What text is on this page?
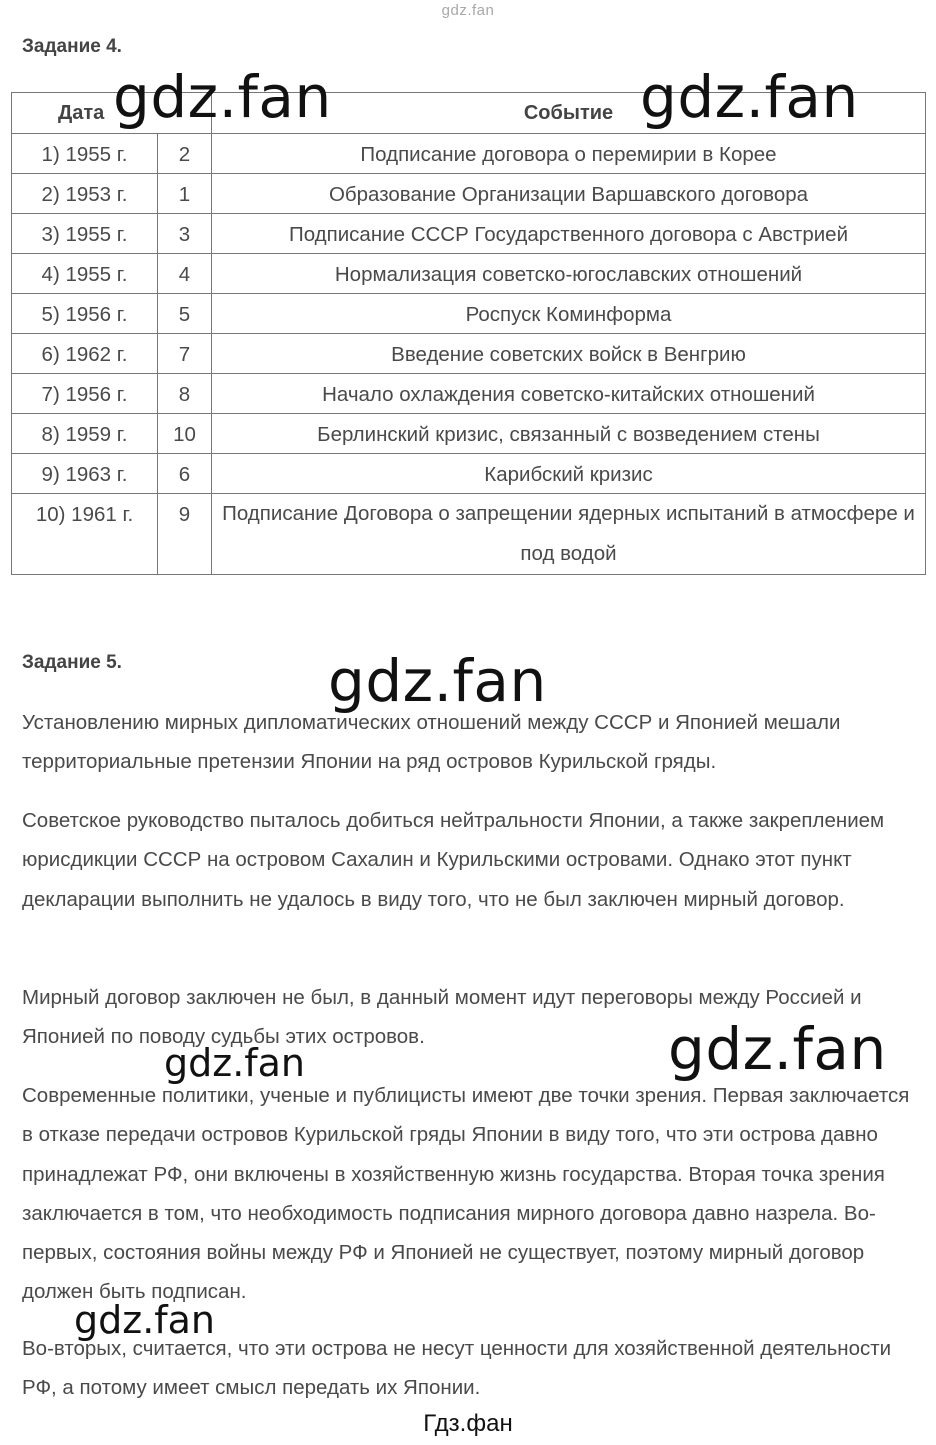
gdz.fan
Задание 4.
Дата		Событие
1) 1955 г.	2	Подписание договора о перемирии в Корее
2) 1953 г.	1	Образование Организации Варшавского договора
3) 1955 г.	3	Подписание СССР Государственного договора с Австрией
4) 1955 г.	4	Нормализация советско-югославских отношений
5) 1956 г.	5	Роспуск Коминформа
6) 1962 г.	7	Введение советских войск в Венгрию
7) 1956 г.	8	Начало охлаждения советско-китайских отношений
8) 1959 г.	10	Берлинский кризис, связанный с возведением стены
9) 1963 г.	6	Карибский кризис
10) 1961 г.	9	Подписание Договора о запрещении ядерных испытаний в атмосфере и под водой
Задание 5.
Установлению мирных дипломатических отношений между СССР и Японией мешали территориальные претензии Японии на ряд островов Курильской гряды.
Советское руководство пыталось добиться нейтральности Японии, а также закреплением юрисдикции СССР на островом Сахалин и Курильскими островами. Однако этот пункт декларации выполнить не удалось в виду того, что не был заключен мирный договор.
Мирный договор заключен не был, в данный момент идут переговоры между Россией и Японией по поводу судьбы этих островов.
Современные политики, ученые и публицисты имеют две точки зрения. Первая заключается в отказе передачи островов Курильской гряды Японии в виду того, что эти острова давно принадлежат РФ, они включены в хозяйственную жизнь государства. Вторая точка зрения заключается в том, что необходимость подписания мирного договора давно назрела. Во-первых, состояния войны между РФ и Японией не существует, поэтому мирный договор должен быть подписан.
Во-вторых, считается, что эти острова не несут ценности для хозяйственной деятельности РФ, а потому имеет смысл передать их Японии.
gdz.fan	gdz.fan
gdz.fan
gdz.fan
gdz.fan
gdz.fan
Гдз.фан
